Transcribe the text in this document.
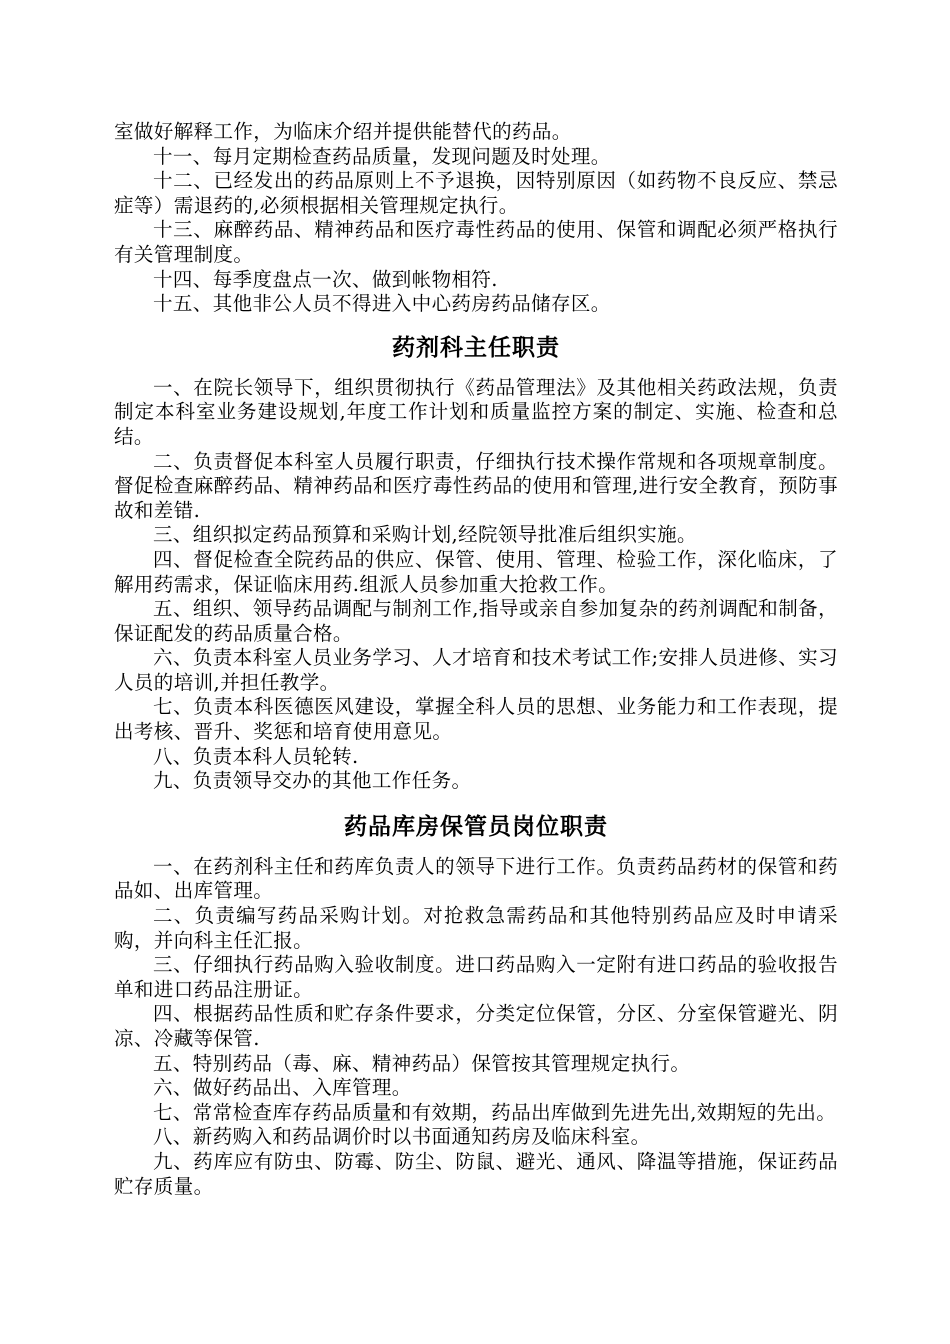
室做好解释工作，为临床介绍并提供能替代的药品。

十一、每月定期检查药品质量，发现问题及时处理。

十二、已经发出的药品原则上不予退换，因特别原因（如药物不良反应、禁忌症等）需退药的,必须根据相关管理规定执行。

十三、麻醉药品、精神药品和医疗毒性药品的使用、保管和调配必须严格执行有关管理制度。

十四、每季度盘点一次、做到帐物相符.

十五、其他非公人员不得进入中心药房药品储存区。

药剂科主任职责

一、在院长领导下，组织贯彻执行《药品管理法》及其他相关药政法规，负责制定本科室业务建设规划,年度工作计划和质量监控方案的制定、实施、检查和总结。

二、负责督促本科室人员履行职责，仔细执行技术操作常规和各项规章制度。督促检查麻醉药品、精神药品和医疗毒性药品的使用和管理,进行安全教育，预防事故和差错.

三、组织拟定药品预算和采购计划,经院领导批准后组织实施。

四、督促检查全院药品的供应、保管、使用、管理、检验工作，深化临床，了解用药需求，保证临床用药.组派人员参加重大抢救工作。

五、组织、领导药品调配与制剂工作,指导或亲自参加复杂的药剂调配和制备，保证配发的药品质量合格。

六、负责本科室人员业务学习、人才培育和技术考试工作;安排人员进修、实习人员的培训,并担任教学。

七、负责本科医德医风建设，掌握全科人员的思想、业务能力和工作表现，提出考核、晋升、奖惩和培育使用意见。

八、负责本科人员轮转.

九、负责领导交办的其他工作任务。

药品库房保管员岗位职责

一、在药剂科主任和药库负责人的领导下进行工作。负责药品药材的保管和药品如、出库管理。

二、负责编写药品采购计划。对抢救急需药品和其他特别药品应及时申请采购，并向科主任汇报。

三、仔细执行药品购入验收制度。进口药品购入一定附有进口药品的验收报告单和进口药品注册证。

四、根据药品性质和贮存条件要求，分类定位保管，分区、分室保管避光、阴凉、冷藏等保管.

五、特别药品（毒、麻、精神药品）保管按其管理规定执行。

六、做好药品出、入库管理。

七、常常检查库存药品质量和有效期，药品出库做到先进先出,效期短的先出。

八、新药购入和药品调价时以书面通知药房及临床科室。

九、药库应有防虫、防霉、防尘、防鼠、避光、通风、降温等措施，保证药品贮存质量。
